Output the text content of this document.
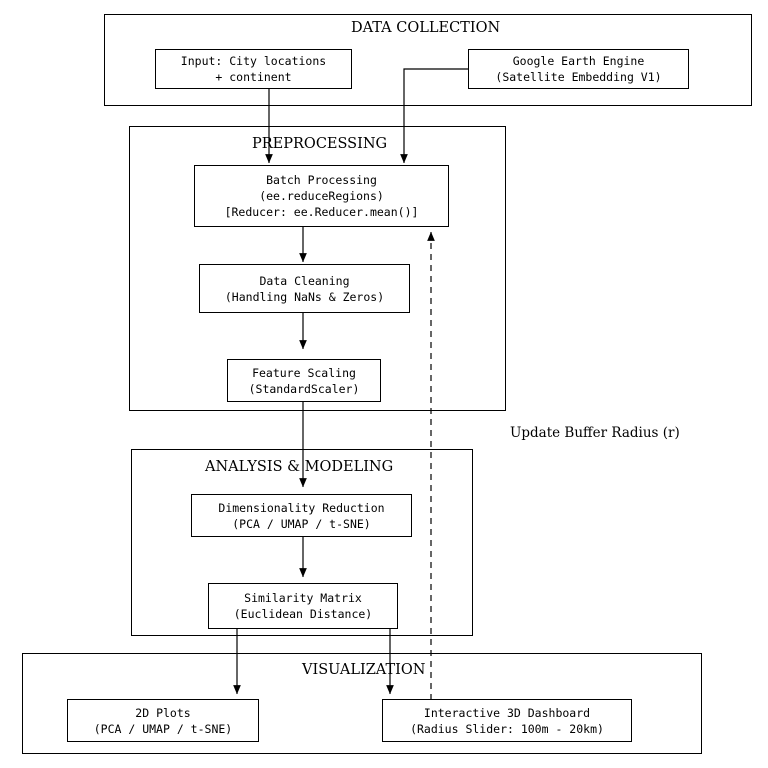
DATA COLLECTION
PREPROCESSING
ANALYSIS & MODELING
VISUALIZATION
Input: City locations
+ continent
Google Earth Engine
(Satellite Embedding V1)
Batch Processing
(ee.reduceRegions)
[Reducer: ee.Reducer.mean()]
Data Cleaning
(Handling NaNs & Zeros)
Feature Scaling
(StandardScaler)
Dimensionality Reduction
(PCA / UMAP / t-SNE)
Similarity Matrix
(Euclidean Distance)
2D Plots
(PCA / UMAP / t-SNE)
Interactive 3D Dashboard
(Radius Slider: 100m - 20km)
Update Buffer Radius (r)
